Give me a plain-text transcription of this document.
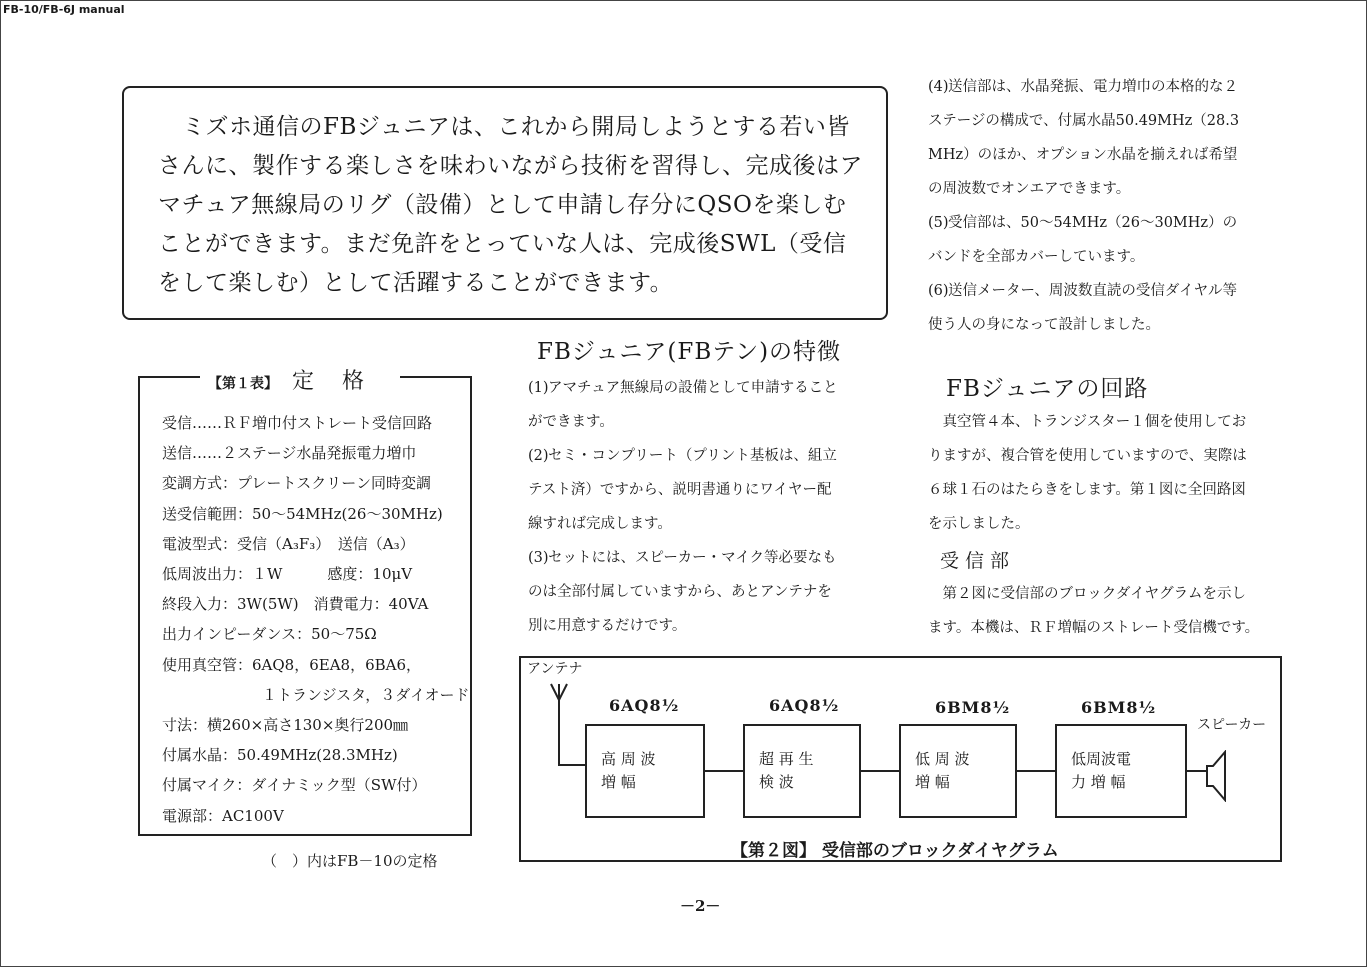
FB-10/FB-6J manual

ミズホ通信のFBジュニアは、これから開局しようとする若い皆
さんに、製作する楽しさを味わいながら技術を習得し、完成後はア
マチュア無線局のリグ（設備）として申請し存分にQSOを楽しむ
ことができます。まだ免許をとっていな人は、完成後SWL（受信
をして楽しむ）として活躍することができます。

(4)送信部は、水晶発振、電力増巾の本格的な２
ステージの構成で、付属水晶50.49MHz（28.3
MHz）のほか、オプション水晶を揃えれば希望
の周波数でオンエアできます。
(5)受信部は、50～54MHz（26～30MHz）の
バンドを全部カバーしています。
(6)送信メーター、周波数直読の受信ダイヤル等
使う人の身になって設計しました。
FBジュニア(FBテン)の特徴
(1)アマチュア無線局の設備として申請すること
ができます。
(2)セミ・コンプリート（プリント基板は、組立
テスト済）ですから、説明書通りにワイヤー配
線すれば完成します。
(3)セットには、スピーカー・マイク等必要なも
のは全部付属していますから、あとアンテナを
別に用意するだけです。
FBジュニアの回路
　真空管４本、トランジスター１個を使用してお
りますが、複合管を使用していますので、実際は
６球１石のはたらきをします。第１図に全回路図
を示しました。
受信部
　第２図に受信部のブロックダイヤグラムを示し
ます。本機は、ＲＦ増幅のストレート受信機です。
【第１表】 定格
受信……ＲＦ増巾付ストレート受信回路
送信……２ステージ水晶発振電力増巾
変調方式：プレートスクリーン同時変調
送受信範囲：50～54MHz(26～30MHz)
電波型式：受信（A₃F₃）　送信（A₃）
低周波出力：１W　　　感度：10μV
終段入力：3W(5W)　消費電力：40VA
出力インピーダンス：50～75Ω
使用真空管：6AQ8，6EA8，6BA6，
１トランジスタ，３ダイオード
寸法：横260×高さ130×奥行200㎜
付属水晶：50.49MHz(28.3MHz)
付属マイク：ダイナミック型（SW付）
電源部：AC100V
（　）内はFB－10の定格
アンテナ
6AQ8½
高 周 波
増 幅
6AQ8½
超 再 生
検 波
6BM8½
低 周 波
増 幅
6BM8½
低周波電
力 増 幅
スピーカー
【第２図】 受信部のブロックダイヤグラム
－2－
